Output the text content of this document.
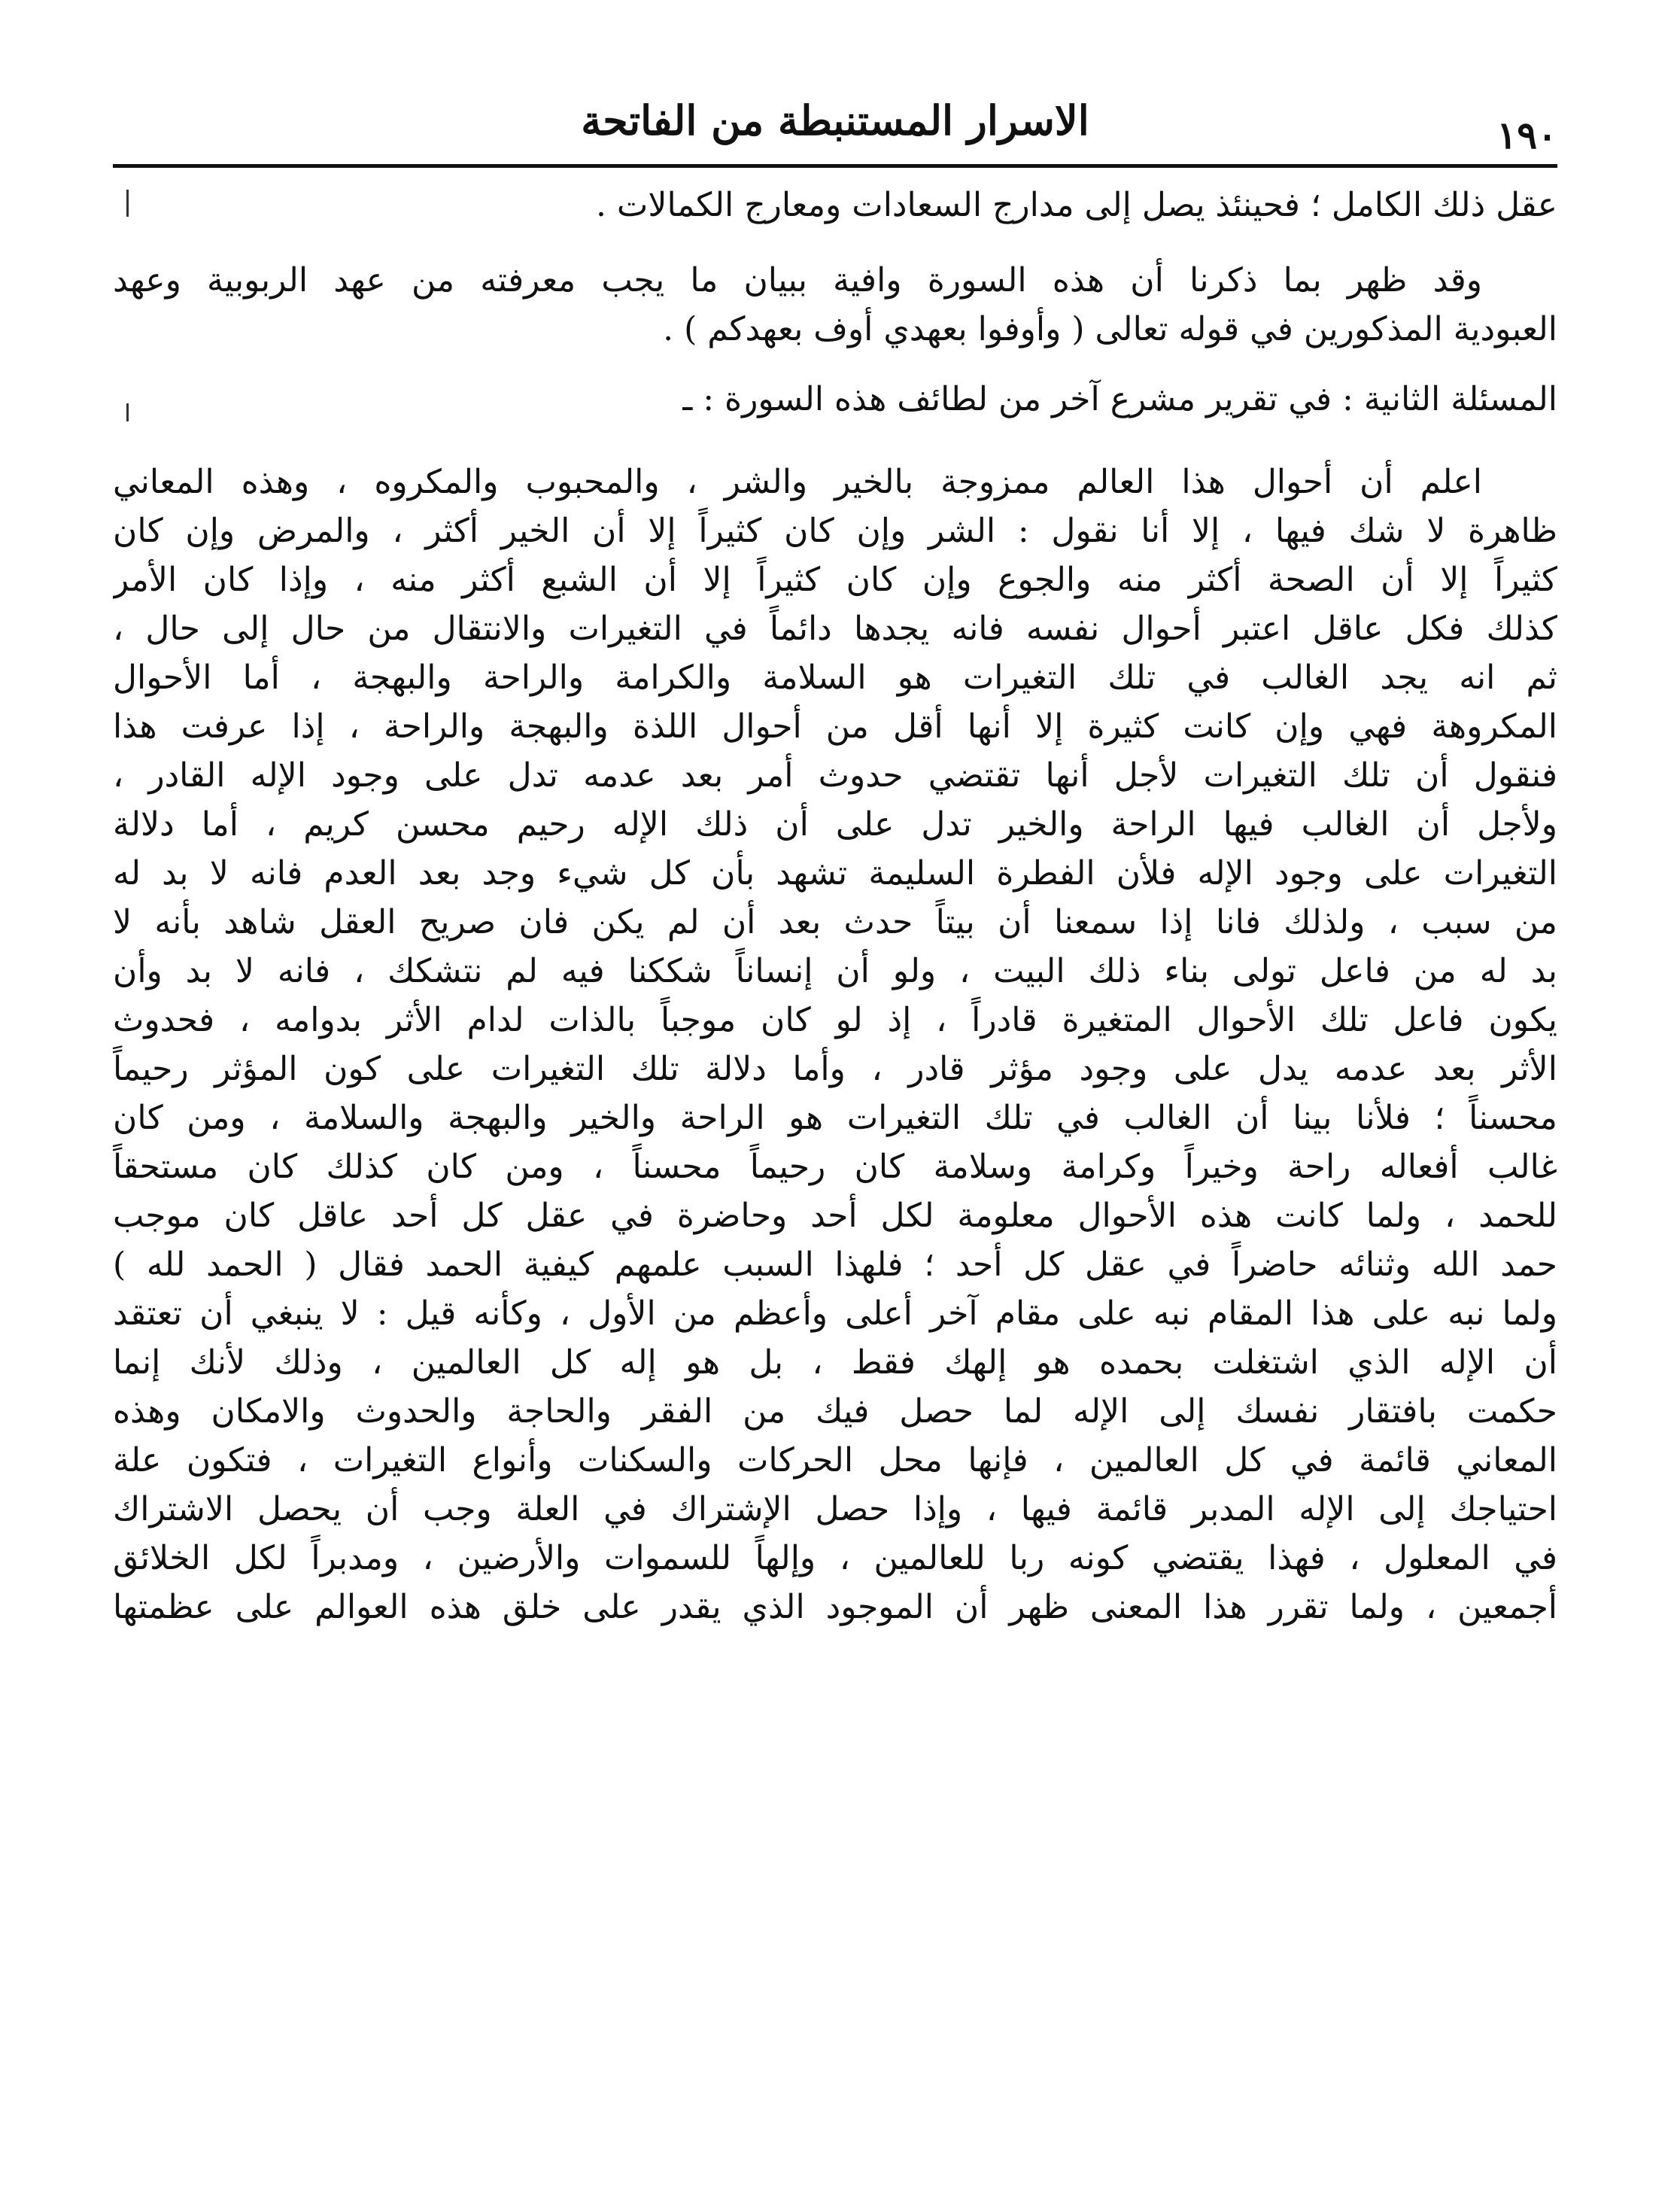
الاسرار المستنبطة من الفاتحة	١٩٠
عقل ذلك الكامل ؛ فحينئذ يصل إلى مدارج السعادات ومعارج الكمالات .
وقد ظهر بما ذكرنا أن هذه السورة وافية ببيان ما يجب معرفته من عهد الربوبية وعهد
العبودية المذكورين في قوله تعالى ( وأوفوا بعهدي أوف بعهدكم ) .
المسئلة الثانية : في تقرير مشرع آخر من لطائف هذه السورة : ـ
اعلم أن أحوال هذا العالم ممزوجة بالخير والشر ، والمحبوب والمكروه ، وهذه المعاني
ظاهرة لا شك فيها ، إلا أنا نقول : الشر وإن كان كثيراً إلا أن الخير أكثر ، والمرض وإن كان
كثيراً إلا أن الصحة أكثر منه والجوع وإن كان كثيراً إلا أن الشبع أكثر منه ، وإذا كان الأمر
كذلك فكل عاقل اعتبر أحوال نفسه فانه يجدها دائماً في التغيرات والانتقال من حال إلى حال ،
ثم انه يجد الغالب في تلك التغيرات هو السلامة والكرامة والراحة والبهجة ، أما الأحوال
المكروهة فهي وإن كانت كثيرة إلا أنها أقل من أحوال اللذة والبهجة والراحة ، إذا عرفت هذا
فنقول أن تلك التغيرات لأجل أنها تقتضي حدوث أمر بعد عدمه تدل على وجود الإله القادر ،
ولأجل أن الغالب فيها الراحة والخير تدل على أن ذلك الإله رحيم محسن كريم ، أما دلالة
التغيرات على وجود الإله فلأن الفطرة السليمة تشهد بأن كل شيء وجد بعد العدم فانه لا بد له
من سبب ، ولذلك فانا إذا سمعنا أن بيتاً حدث بعد أن لم يكن فان صريح العقل شاهد بأنه لا
بد له من فاعل تولى بناء ذلك البيت ، ولو أن إنساناً شككنا فيه لم نتشكك ، فانه لا بد وأن
يكون فاعل تلك الأحوال المتغيرة قادراً ، إذ لو كان موجباً بالذات لدام الأثر بدوامه ، فحدوث
الأثر بعد عدمه يدل على وجود مؤثر قادر ، وأما دلالة تلك التغيرات على كون المؤثر رحيماً
محسناً ؛ فلأنا بينا أن الغالب في تلك التغيرات هو الراحة والخير والبهجة والسلامة ، ومن كان
غالب أفعاله راحة وخيراً وكرامة وسلامة كان رحيماً محسناً ، ومن كان كذلك كان مستحقاً
للحمد ، ولما كانت هذه الأحوال معلومة لكل أحد وحاضرة في عقل كل أحد عاقل كان موجب
حمد الله وثنائه حاضراً في عقل كل أحد ؛ فلهذا السبب علمهم كيفية الحمد فقال ( الحمد لله )
ولما نبه على هذا المقام نبه على مقام آخر أعلى وأعظم من الأول ، وكأنه قيل : لا ينبغي أن تعتقد
أن الإله الذي اشتغلت بحمده هو إلهك فقط ، بل هو إله كل العالمين ، وذلك لأنك إنما
حكمت بافتقار نفسك إلى الإله لما حصل فيك من الفقر والحاجة والحدوث والامكان وهذه
المعاني قائمة في كل العالمين ، فإنها محل الحركات والسكنات وأنواع التغيرات ، فتكون علة
احتياجك إلى الإله المدبر قائمة فيها ، وإذا حصل الإشتراك في العلة وجب أن يحصل الاشتراك
في المعلول ، فهذا يقتضي كونه ربا للعالمين ، وإلهاً للسموات والأرضين ، ومدبراً لكل الخلائق
أجمعين ، ولما تقرر هذا المعنى ظهر أن الموجود الذي يقدر على خلق هذه العوالم على عظمتها
